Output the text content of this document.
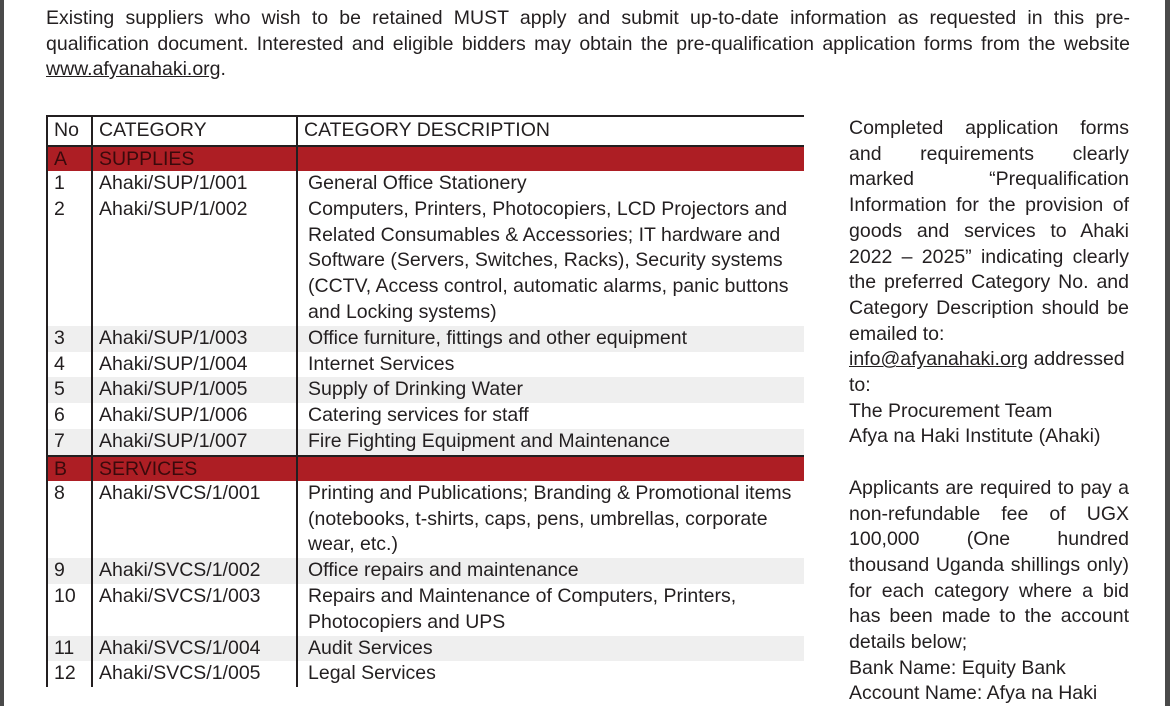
Existing suppliers who wish to be retained MUST apply and submit up-to-date information as requested in this pre-qualification document. Interested and eligible bidders may obtain the pre-qualification application forms from the website www.afyanahaki.org.

No	CATEGORY	CATEGORY DESCRIPTION
A	SUPPLIES	
1	Ahaki/SUP/1/001	General Office Stationery
2	Ahaki/SUP/1/002	Computers, Printers, Photocopiers, LCD Projectors and Related Consumables & Accessories; IT hardware and Software (Servers, Switches, Racks), Security systems (CCTV, Access control, automatic alarms, panic buttons and Locking systems)
3	Ahaki/SUP/1/003	Office furniture, fittings and other equipment
4	Ahaki/SUP/1/004	Internet Services
5	Ahaki/SUP/1/005	Supply of Drinking Water
6	Ahaki/SUP/1/006	Catering services for staff
7	Ahaki/SUP/1/007	Fire Fighting Equipment and Maintenance
B	SERVICES	
8	Ahaki/SVCS/1/001	Printing and Publications; Branding & Promotional items (notebooks, t-shirts, caps, pens, umbrellas, corporate wear, etc.)
9	Ahaki/SVCS/1/002	Office repairs and maintenance
10	Ahaki/SVCS/1/003	Repairs and Maintenance of Computers, Printers, Photocopiers and UPS
11	Ahaki/SVCS/1/004	Audit Services
12	Ahaki/SVCS/1/005	Legal Services

Completed application forms and requirements clearly marked “Prequalification Information for the provision of goods and services to Ahaki 2022 – 2025” indicating clearly the preferred Category No. and Category Description should be emailed to:

info@afyanahaki.org addressed to:

The Procurement Team

Afya na Haki Institute (Ahaki)

Applicants are required to pay a non-refundable fee of UGX 100,000 (One hundred thousand Uganda shillings only) for each category where a bid has been made to the account details below;

Bank Name: Equity Bank

Account Name: Afya na Haki
